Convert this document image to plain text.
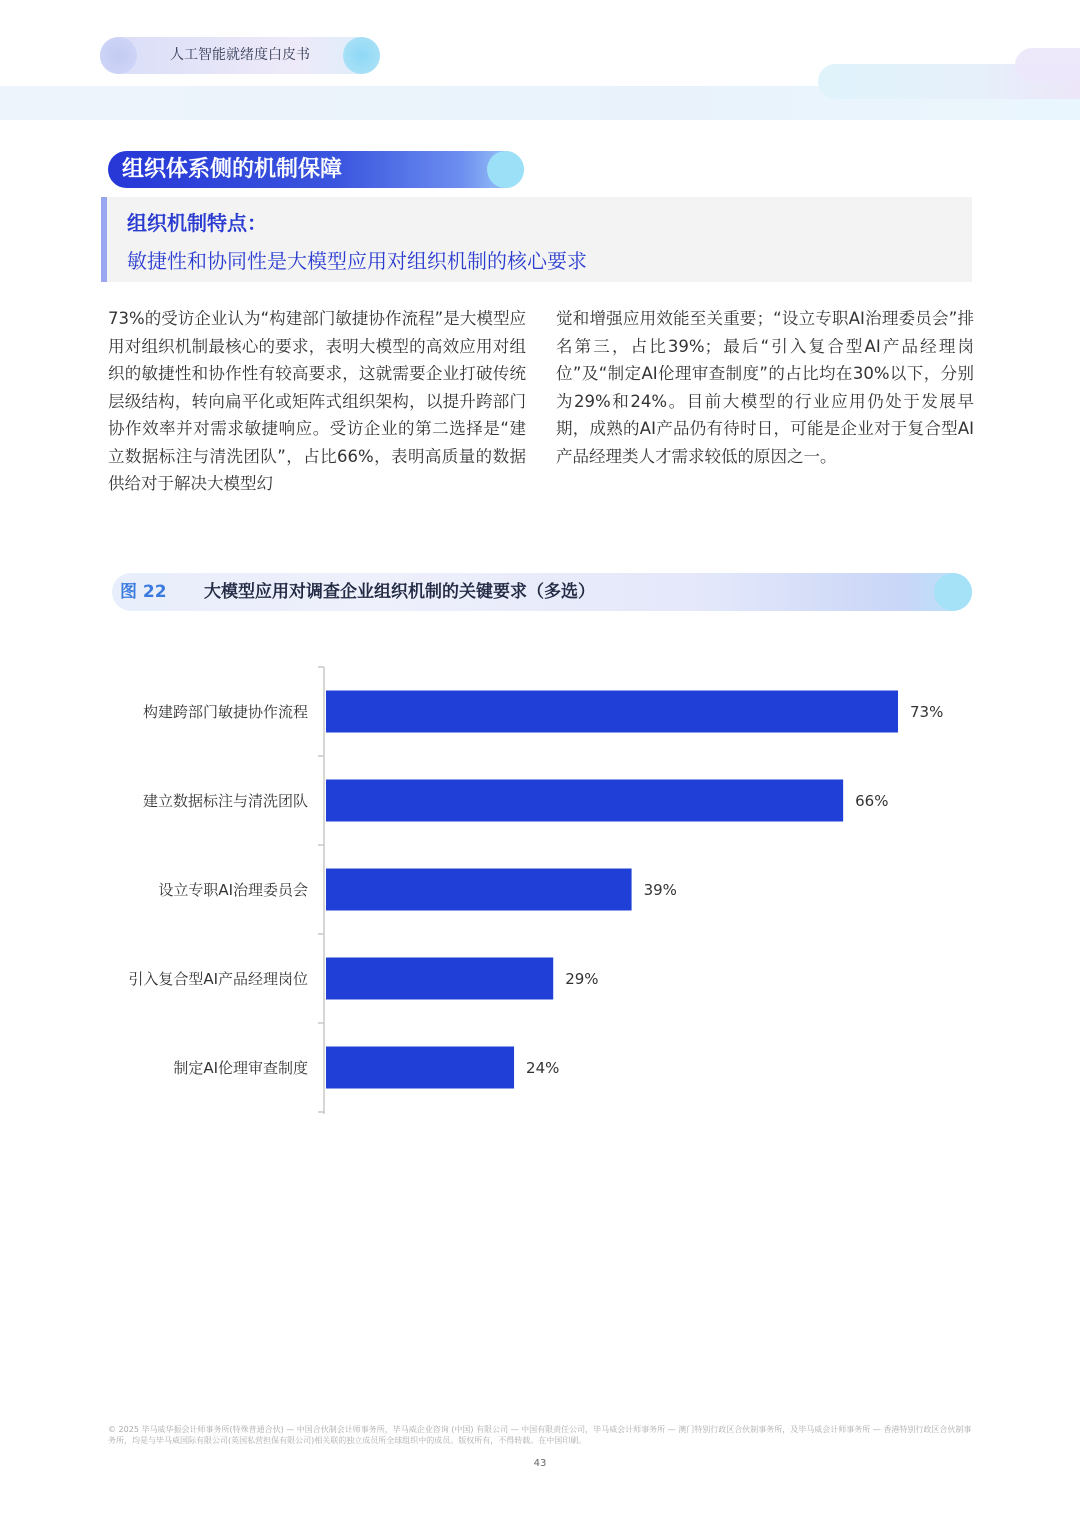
人工智能就绪度白皮书
组织体系侧的机制保障
组织机制特点：
敏捷性和协同性是大模型应用对组织机制的核心要求
73%的受访企业认为“构建部门敏捷协作流程”是大模型应用对组织机制最核心的要求，表明大模型的高效应用对组织的敏捷性和协作性有较高要求，这就需要企业打破传统层级结构，转向扁平化或矩阵式组织架构，以提升跨部门协作效率并对需求敏捷响应。受访企业的第二选择是“建立数据标注与清洗团队”，占比66%，表明高质量的数据供给对于解决大模型幻
觉和增强应用效能至关重要；“设立专职AI治理委员会”排名第三，占比39%；最后“引入复合型AI产品经理岗位”及“制定AI伦理审查制度”的占比均在30%以下，分别为29%和24%。目前大模型的行业应用仍处于发展早期，成熟的AI产品仍有待时日，可能是企业对于复合型AI产品经理类人才需求较低的原因之一。
图 22 大模型应用对调查企业组织机制的关键要求（多选）
构建跨部门敏捷协作流程	73%
建立数据标注与清洗团队	66%
设立专职AI治理委员会	39%
引入复合型AI产品经理岗位	29%
制定AI伦理审查制度	24%
© 2025 毕马威华振会计师事务所(特殊普通合伙) — 中国合伙制会计师事务所，毕马威企业咨询 (中国) 有限公司 — 中国有限责任公司，毕马威会计师事务所 — 澳门特别行政区合伙制事务所，及毕马威会计师事务所 — 香港特别行政区合伙制事务所，均是与毕马威国际有限公司(英国私营担保有限公司)相关联的独立成员所全球组织中的成员。版权所有，不得转载。在中国印刷。
43
